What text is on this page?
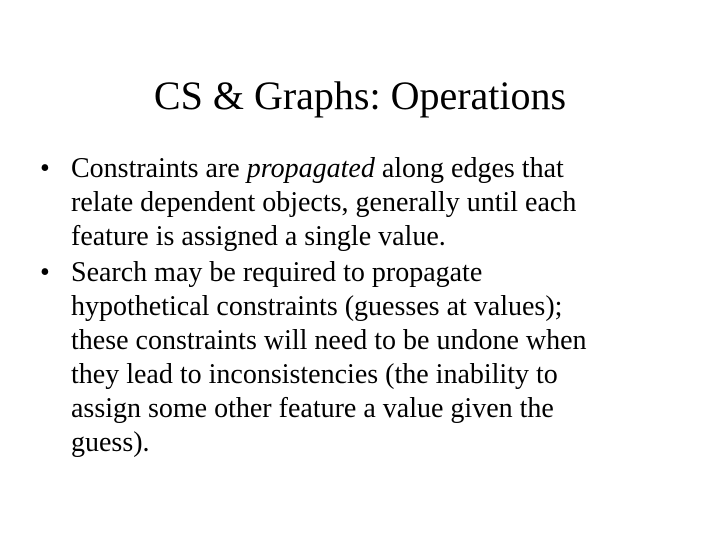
CS & Graphs: Operations
• Constraints are propagated along edges that
relate dependent objects, generally until each
feature is assigned a single value.
• Search may be required to propagate
hypothetical constraints (guesses at values);
these constraints will need to be undone when
they lead to inconsistencies (the inability to
assign some other feature a value given the
guess).
